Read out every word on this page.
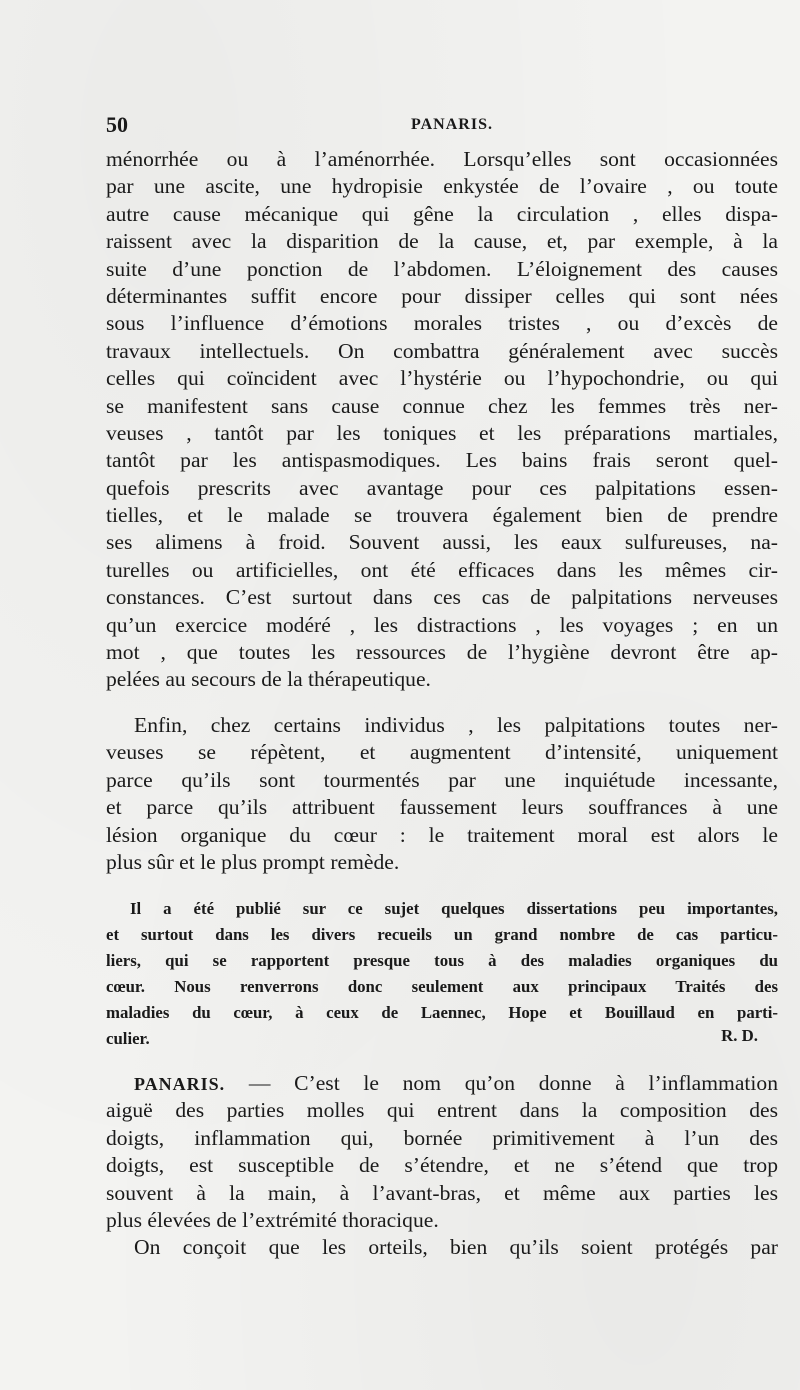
50	PANARIS.
ménorrhée ou à l’aménorrhée. Lorsqu’elles sont occasionnées
par une ascite, une hydropisie enkystée de l’ovaire , ou toute
autre cause mécanique qui gêne la circulation , elles dispa-
raissent avec la disparition de la cause, et, par exemple, à la
suite d’une ponction de l’abdomen. L’éloignement des causes
déterminantes suffit encore pour dissiper celles qui sont nées
sous l’influence d’émotions morales tristes , ou d’excès de
travaux intellectuels. On combattra généralement avec succès
celles qui coïncident avec l’hystérie ou l’hypochondrie, ou qui
se manifestent sans cause connue chez les femmes très ner-
veuses , tantôt par les toniques et les préparations martiales,
tantôt par les antispasmodiques. Les bains frais seront quel-
quefois prescrits avec avantage pour ces palpitations essen-
tielles, et le malade se trouvera également bien de prendre
ses alimens à froid. Souvent aussi, les eaux sulfureuses, na-
turelles ou artificielles, ont été efficaces dans les mêmes cir-
constances. C’est surtout dans ces cas de palpitations nerveuses
qu’un exercice modéré , les distractions , les voyages ; en un
mot , que toutes les ressources de l’hygiène devront être ap-
pelées au secours de la thérapeutique.
Enfin, chez certains individus , les palpitations toutes ner-
veuses se répètent, et augmentent d’intensité, uniquement
parce qu’ils sont tourmentés par une inquiétude incessante,
et parce qu’ils attribuent faussement leurs souffrances à une
lésion organique du cœur : le traitement moral est alors le
plus sûr et le plus prompt remède.
Il a été publié sur ce sujet quelques dissertations peu importantes,
et surtout dans les divers recueils un grand nombre de cas particu-
liers, qui se rapportent presque tous à des maladies organiques du
cœur. Nous renverrons donc seulement aux principaux Traités des
maladies du cœur, à ceux de Laennec, Hope et Bouillaud en parti-
culier.	R. D.
PANARIS. — C’est le nom qu’on donne à l’inflammation
aiguë des parties molles qui entrent dans la composition des
doigts, inflammation qui, bornée primitivement à l’un des
doigts, est susceptible de s’étendre, et ne s’étend que trop
souvent à la main, à l’avant-bras, et même aux parties les
plus élevées de l’extrémité thoracique.
On conçoit que les orteils, bien qu’ils soient protégés par
